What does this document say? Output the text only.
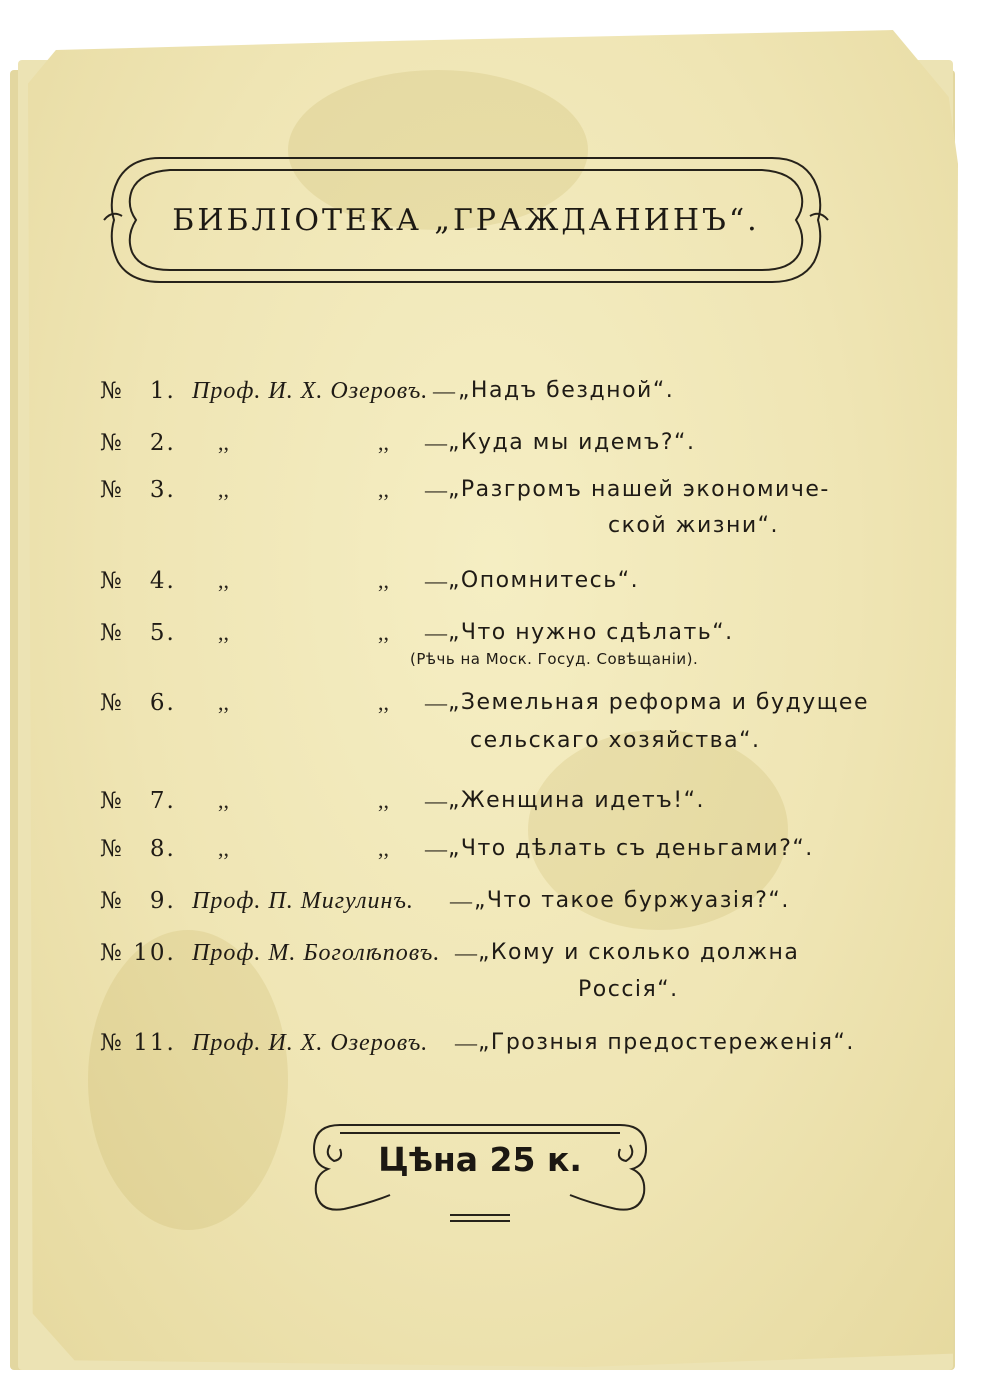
БИБЛІОТЕКА „ГРАЖДАНИНЪ“.
№ 1. Проф. И. Х. Озеровъ. — „Надъ бездной“.
№ 2.	,,	,, — „Куда мы идемъ?“.
№ 3.	,,	,, — „Разгромъ нашей экономиче-
ской жизни“.
№ 4.	,,	,, — „Опомнитесь“.
№ 5.	,,	,, — „Что нужно сдѣлать“.
(Рѣчь на Моск. Госуд. Совѣщаніи).
№ 6.	,,	,, — „Земельная реформа и будущее
сельскаго хозяйства“.
№ 7.	,,	,, — „Женщина идетъ!“.
№ 8.	,,	,, — „Что дѣлать съ деньгами?“.
№ 9. Проф. П. Мигулинъ. — „Что такое буржуазія?“.
№ 10. Проф. М. Боголѣповъ. — „Кому и сколько должна
Россія“.
№ 11. Проф. И. Х. Озеровъ. — „Грозныя предостереженія“.
Цѣна 25 к.
